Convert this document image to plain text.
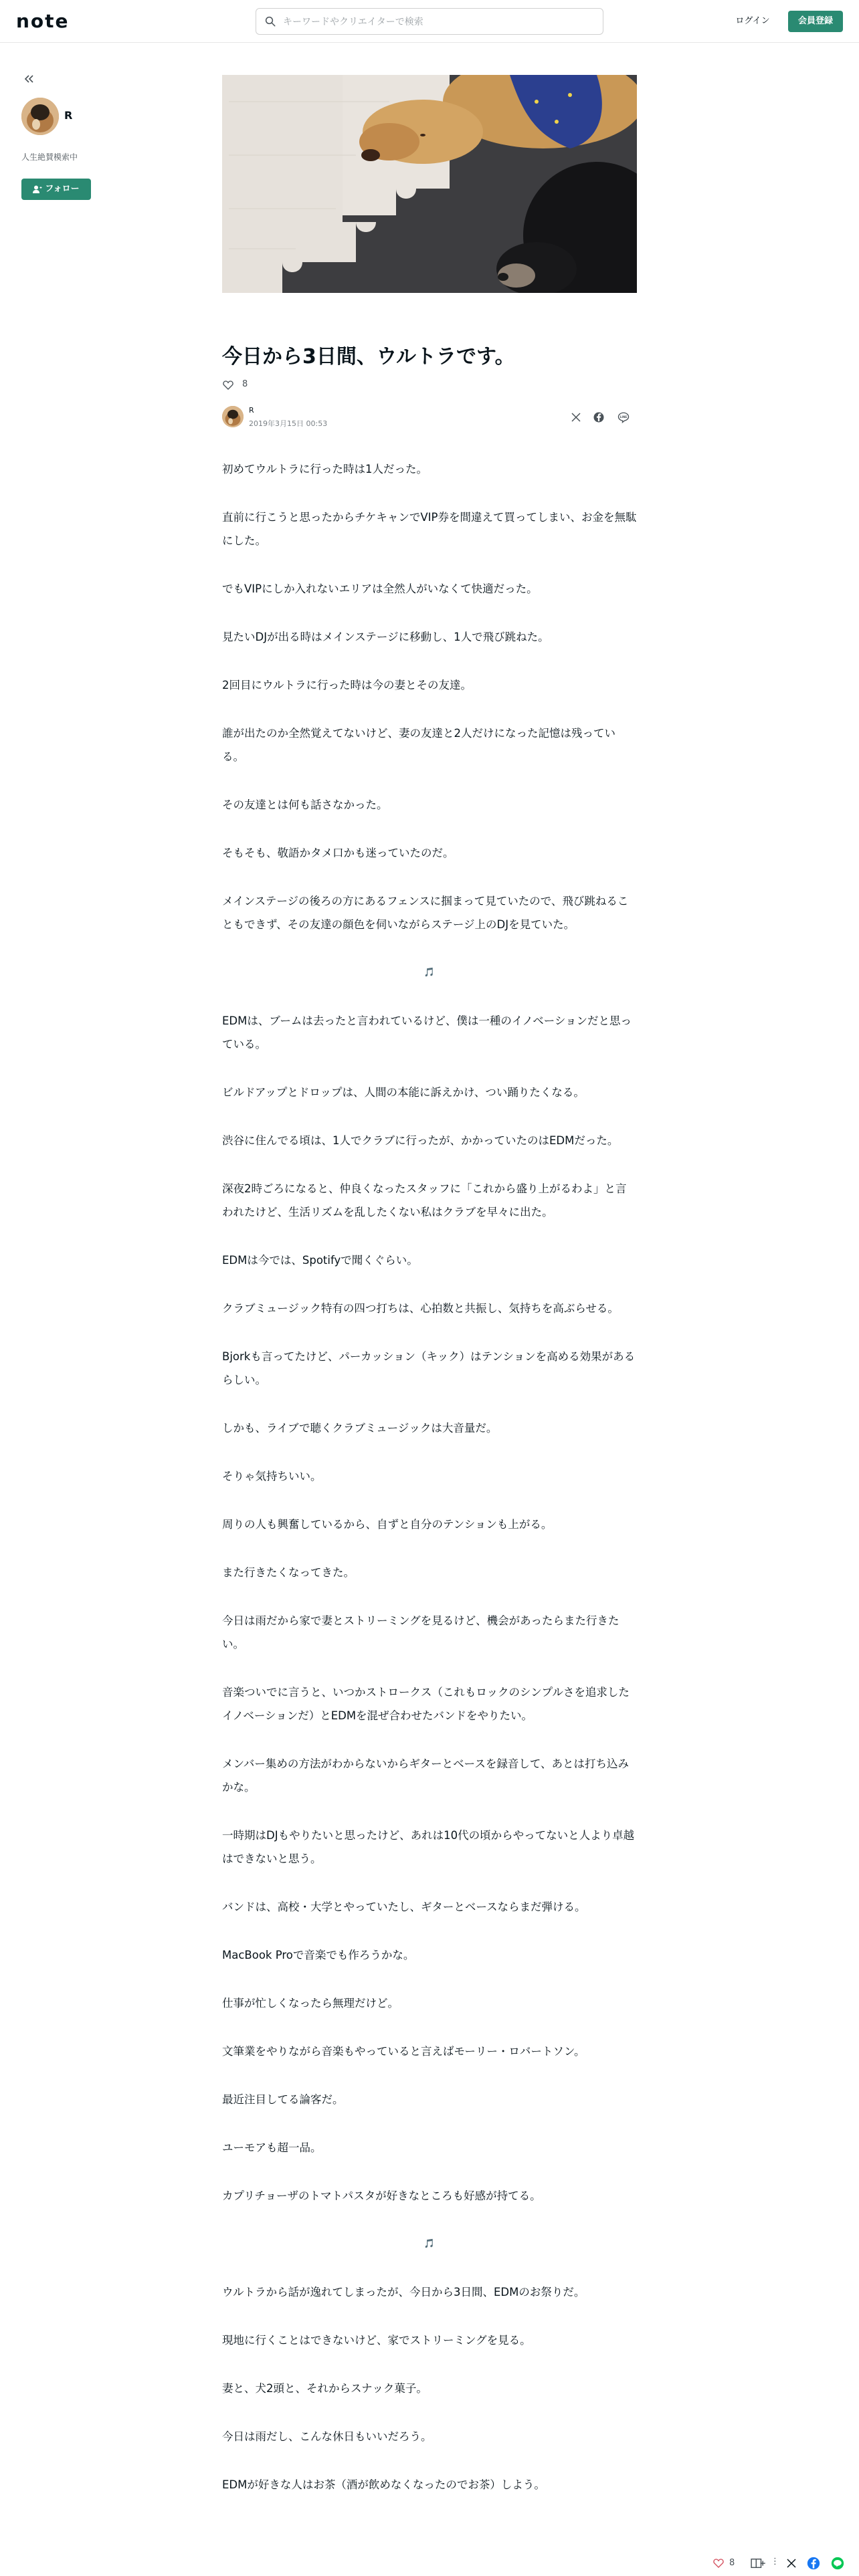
note
キーワードやクリエイターで検索	ログイン	会員登録
R
人生絶賛模索中
フォロー
今日から3日間、ウルトラです。
8
R
2019年3月15日 00:53
LINE

初めてウルトラに行った時は1人だった。

直前に行こうと思ったからチケキャンでVIP券を間違えて買ってしまい、お金を無駄にした。

でもVIPにしか入れないエリアは全然人がいなくて快適だった。

見たいDJが出る時はメインステージに移動し、1人で飛び跳ねた。

2回目にウルトラに行った時は今の妻とその友達。

誰が出たのか全然覚えてないけど、妻の友達と2人だけになった記憶は残っている。

その友達とは何も話さなかった。

そもそも、敬語かタメ口かも迷っていたのだ。

メインステージの後ろの方にあるフェンスに掴まって見ていたので、飛び跳ねることもできず、その友達の顔色を伺いながらステージ上のDJを見ていた。

🎵

EDMは、ブームは去ったと言われているけど、僕は一種のイノベーションだと思っている。

ビルドアップとドロップは、人間の本能に訴えかけ、つい踊りたくなる。

渋谷に住んでる頃は、1人でクラブに行ったが、かかっていたのはEDMだった。

深夜2時ごろになると、仲良くなったスタッフに「これから盛り上がるわよ」と言われたけど、生活リズムを乱したくない私はクラブを早々に出た。

EDMは今では、Spotifyで聞くぐらい。

クラブミュージック特有の四つ打ちは、心拍数と共振し、気持ちを高ぶらせる。

Bjorkも言ってたけど、パーカッション（キック）はテンションを高める効果があるらしい。

しかも、ライブで聴くクラブミュージックは大音量だ。

そりゃ気持ちいい。

周りの人も興奮しているから、自ずと自分のテンションも上がる。

また行きたくなってきた。

今日は雨だから家で妻とストリーミングを見るけど、機会があったらまた行きたい。

音楽ついでに言うと、いつかストロークス（これもロックのシンプルさを追求したイノベーションだ）とEDMを混ぜ合わせたバンドをやりたい。

メンバー集めの方法がわからないからギターとベースを録音して、あとは打ち込みかな。

一時期はDJもやりたいと思ったけど、あれは10代の頃からやってないと人より卓越はできないと思う。

バンドは、高校・大学とやっていたし、ギターとベースならまだ弾ける。

MacBook Proで音楽でも作ろうかな。

仕事が忙しくなったら無理だけど。

文筆業をやりながら音楽もやっていると言えばモーリー・ロバートソン。

最近注目してる論客だ。

ユーモアも超一品。

カプリチョーザのトマトパスタが好きなところも好感が持てる。

🎵

ウルトラから話が逸れてしまったが、今日から3日間、EDMのお祭りだ。

現地に行くことはできないけど、家でストリーミングを見る。

妻と、犬2頭と、それからスナック菓子。

今日は雨だし、こんな休日もいいだろう。

EDMが好きな人はお茶（酒が飲めなくなったのでお茶）しよう。

8	⋮
